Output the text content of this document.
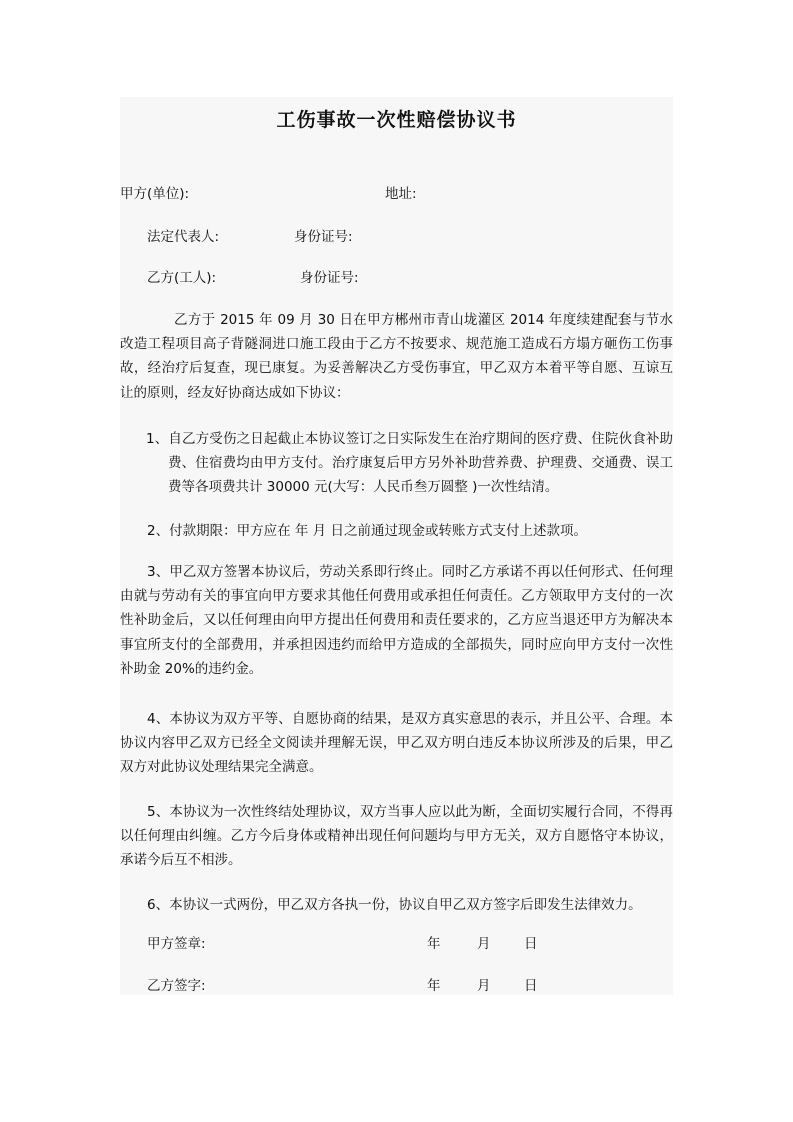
工伤事故一次性赔偿协议书
甲方(单位):	地址:
法定代表人:	身份证号:
乙方(工人):	身份证号:
乙方于 2015 年 09 月 30 日在甲方郴州市青山垅灌区 2014 年度续建配套与节水改造工程项目高子背隧洞进口施工段由于乙方不按要求、规范施工造成石方塌方砸伤工伤事故，经治疗后复查，现已康复。为妥善解决乙方受伤事宜，甲乙双方本着平等自愿、互谅互让的原则，经友好协商达成如下协议：
1、自乙方受伤之日起截止本协议签订之日实际发生在治疗期间的医疗费、住院伙食补助费、住宿费均由甲方支付。治疗康复后甲方另外补助营养费、护理费、交通费、误工费等各项费共计 30000 元(大写：人民币叁万圆整 )一次性结清。
2、付款期限：甲方应在 年 月 日之前通过现金或转账方式支付上述款项。
3、甲乙双方签署本协议后，劳动关系即行终止。同时乙方承诺不再以任何形式、任何理由就与劳动有关的事宜向甲方要求其他任何费用或承担任何责任。乙方领取甲方支付的一次性补助金后，又以任何理由向甲方提出任何费用和责任要求的，乙方应当退还甲方为解决本事宜所支付的全部费用，并承担因违约而给甲方造成的全部损失，同时应向甲方支付一次性补助金 20%的违约金。
4、本协议为双方平等、自愿协商的结果，是双方真实意思的表示，并且公平、合理。本协议内容甲乙双方已经全文阅读并理解无误，甲乙双方明白违反本协议所涉及的后果，甲乙双方对此协议处理结果完全满意。
5、本协议为一次性终结处理协议，双方当事人应以此为断，全面切实履行合同，不得再以任何理由纠缠。乙方今后身体或精神出现任何问题均与甲方无关，双方自愿恪守本协议，承诺今后互不相涉。
6、本协议一式两份，甲乙双方各执一份，协议自甲乙双方签字后即发生法律效力。
甲方签章:	年	月 日
乙方签字:	年	月 日
